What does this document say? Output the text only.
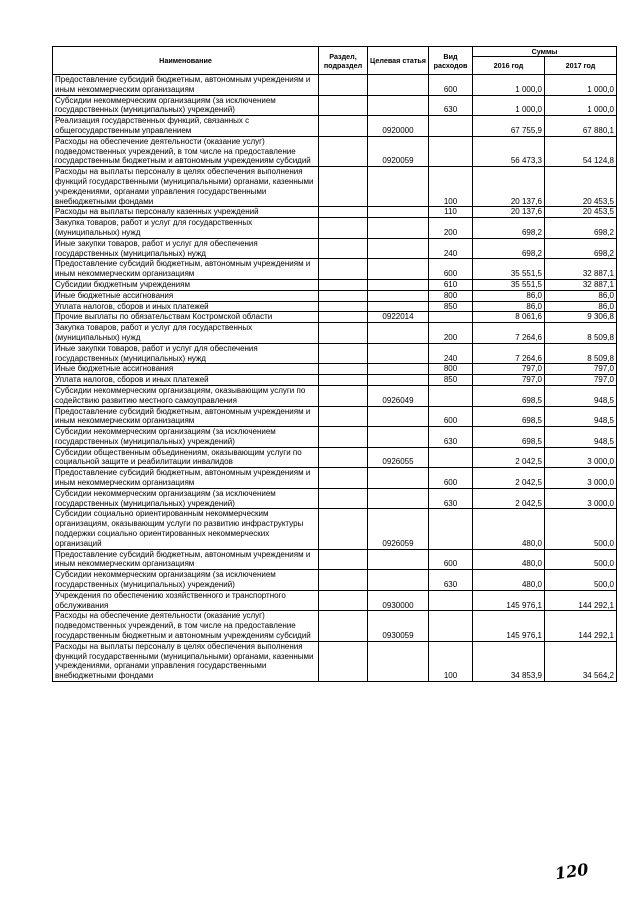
Наименование	Раздел, подраздел	Целевая статья	Вид расходов	Суммы	
				2016 год	2017 год
Предоставление субсидий бюджетным, автономным учреждениям и иным некоммерческим организациям			600	1 000,0	1 000,0
Субсидии некоммерческим организациям (за исключением государственных (муниципальных) учреждений)			630	1 000,0	1 000,0
Реализация государственных функций, связанных с общегосударственным управлением		0920000		67 755,9	67 880,1
Расходы на обеспечение деятельности (оказание услуг) подведомственных учреждений, в том числе на предоставление государственным бюджетным и автономным учреждениям субсидий		0920059		56 473,3	54 124,8
Расходы на выплаты персоналу в целях обеспечения выполнения функций государственными (муниципальными) органами, казенными учреждениями, органами управления государственными внебюджетными фондами			100	20 137,6	20 453,5
Расходы на выплаты персоналу казенных учреждений			110	20 137,6	20 453,5
Закупка товаров, работ и услуг для государственных (муниципальных) нужд			200	698,2	698,2
Иные закупки товаров, работ и услуг для обеспечения государственных (муниципальных) нужд			240	698,2	698,2
Предоставление субсидий бюджетным, автономным учреждениям и иным некоммерческим организациям			600	35 551,5	32 887,1
Субсидии бюджетным учреждениям			610	35 551,5	32 887,1
Иные бюджетные ассигнования			800	86,0	86,0
Уплата налогов, сборов и иных платежей			850	86,0	86,0
Прочие выплаты по обязательствам Костромской области		0922014		8 061,6	9 306,8
Закупка товаров, работ и услуг для государственных (муниципальных) нужд			200	7 264,6	8 509,8
Иные закупки товаров, работ и услуг для обеспечения государственных (муниципальных) нужд			240	7 264,6	8 509,8
Иные бюджетные ассигнования			800	797,0	797,0
Уплата налогов, сборов и иных платежей			850	797,0	797,0
Субсидии некоммерческим организациям, оказывающим услуги по содействию развитию местного самоуправления		0926049		698,5	948,5
Предоставление субсидий бюджетным, автономным учреждениям и иным некоммерческим организациям			600	698,5	948,5
Субсидии некоммерческим организациям (за исключением государственных (муниципальных) учреждений)			630	698,5	948,5
Субсидии общественным объединениям, оказывающим услуги по социальной защите и реабилитации инвалидов		0926055		2 042,5	3 000,0
Предоставление субсидий бюджетным, автономным учреждениям и иным некоммерческим организациям			600	2 042,5	3 000,0
Субсидии некоммерческим организациям (за исключением государственных (муниципальных) учреждений)			630	2 042,5	3 000,0
Субсидии социально ориентированным некоммерческим организациям, оказывающим услуги по развитию инфраструктуры поддержки социально ориентированных некоммерческих организаций		0926059		480,0	500,0
Предоставление субсидий бюджетным, автономным учреждениям и иным некоммерческим организациям			600	480,0	500,0
Субсидии некоммерческим организациям (за исключением государственных (муниципальных) учреждений)			630	480,0	500,0
Учреждения по обеспечению хозяйственного и транспортного обслуживания		0930000		145 976,1	144 292,1
Расходы на обеспечение деятельности (оказание услуг) подведомственных учреждений, в том числе на предоставление государственным бюджетным и автономным учреждениям субсидий		0930059		145 976,1	144 292,1
Расходы на выплаты персоналу в целях обеспечения выполнения функций государственными (муниципальными) органами, казенными учреждениями, органами управления государственными внебюджетными фондами			100	34 853,9	34 564,2
120
